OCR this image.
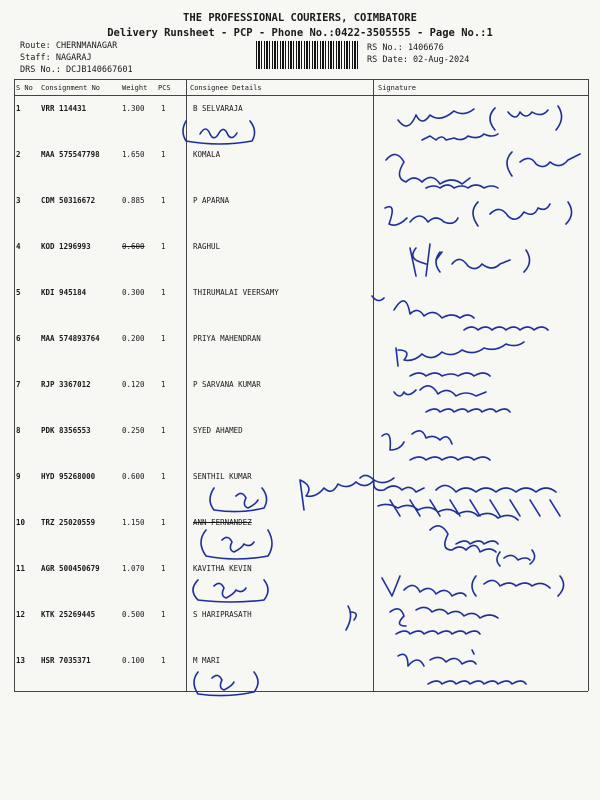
THE PROFESSIONAL COURIERS, COIMBATORE
Delivery Runsheet - PCP - Phone No.:0422-3505555 - Page No.:1
Route: CHERNMANAGAR
Staff: NAGARAJ
DRS No.: DCJB140667601
RS No.: 1406676
RS Date: 02-Aug-2024
S No Consignment No	Weight PCS	Consignee Details	Signature
1	VRR 114431	1.300 1	B SELVARAJA
2	MAA 575547798	1.650 1	KOMALA
3	CDM 50316672	0.885 1	P APARNA
4	KOD 1296993	0.600 1	RAGHUL
5	KDI 945184	0.300 1	THIRUMALAI VEERSAMY
6	MAA 574893764	0.200 1	PRIYA MAHENDRAN
7	RJP 3367012	0.120 1	P SARVANA KUMAR
8	PDK 8356553	0.250 1	SYED AHAMED
9	HYD 95268000	0.600 1	SENTHIL KUMAR
10 TRZ 25020559	1.150 1	ANN FERNANDEZ
11 AGR 500450679	1.070 1	KAVITHA KEVIN
12 KTK 25269445	0.500 1	S HARIPRASATH
13 HSR 7035371	0.100 1	M MARI
